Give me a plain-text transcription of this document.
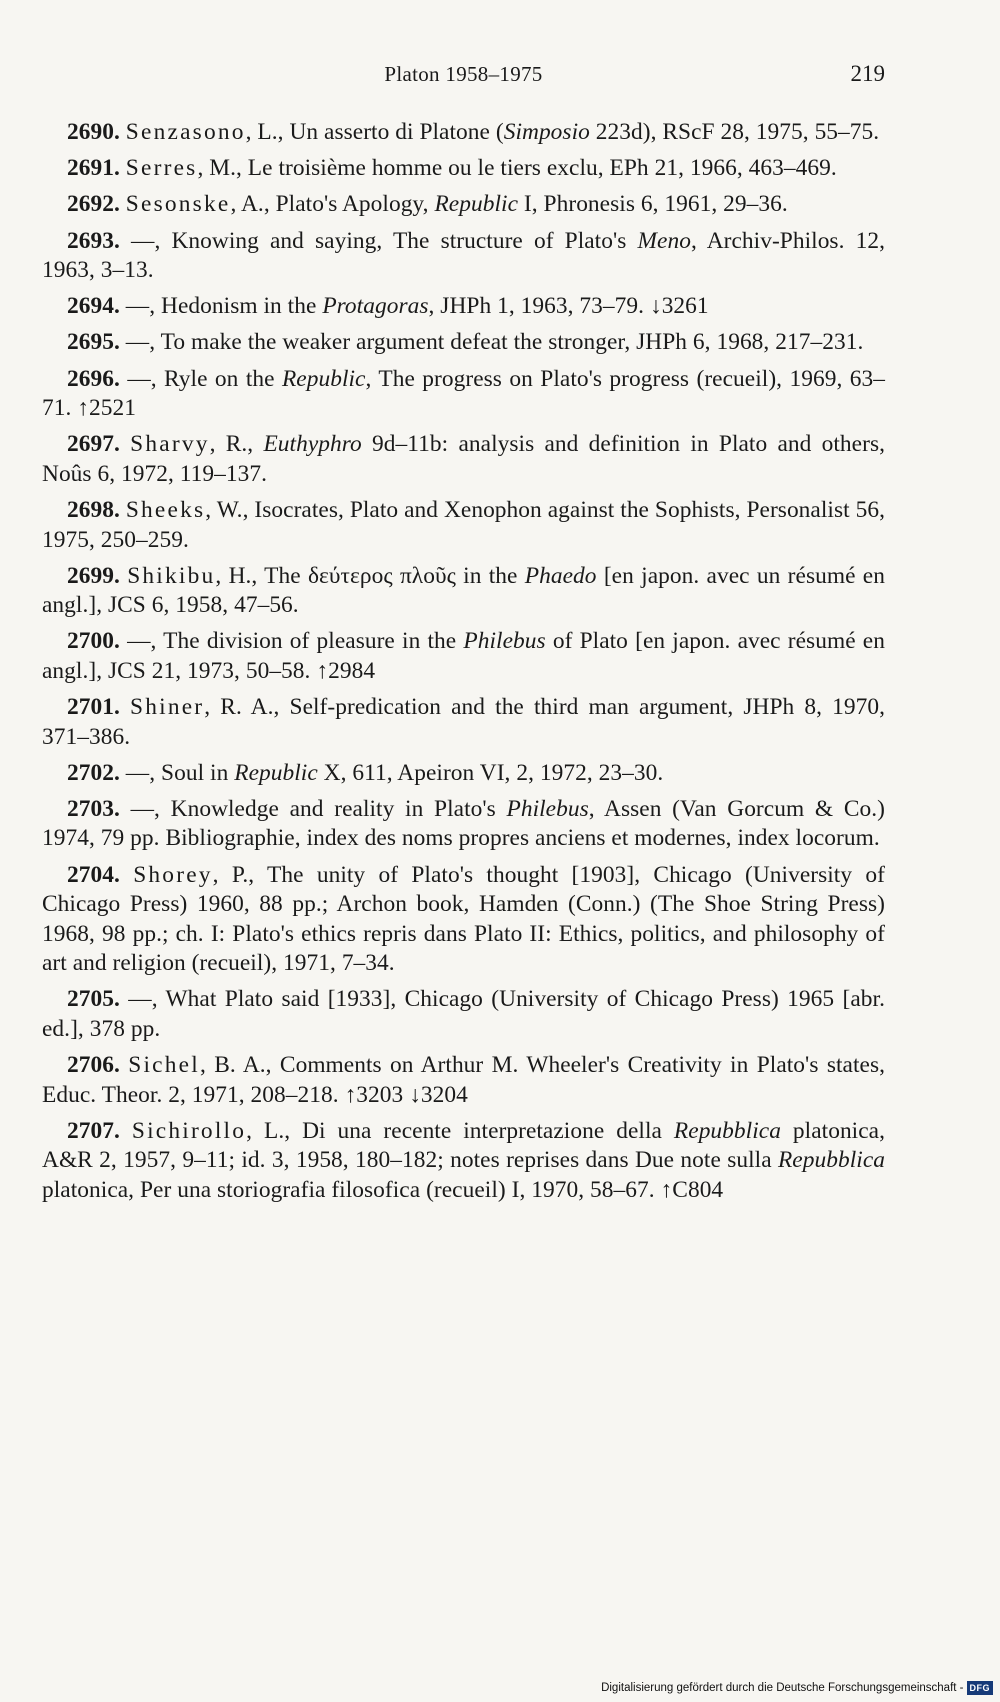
Platon 1958–1975	219

2690. Senzasono, L., Un asserto di Platone (Simposio 223d), RScF 28, 1975, 55–75.

2691. Serres, M., Le troisième homme ou le tiers exclu, EPh 21, 1966, 463–469.

2692. Sesonske, A., Plato's Apology, Republic I, Phronesis 6, 1961, 29–36.

2693. —, Knowing and saying, The structure of Plato's Meno, Archiv-Philos. 12, 1963, 3–13.

2694. —, Hedonism in the Protagoras, JHPh 1, 1963, 73–79. ↓3261

2695. —, To make the weaker argument defeat the stronger, JHPh 6, 1968, 217–231.

2696. —, Ryle on the Republic, The progress on Plato's progress (recueil), 1969, 63–71. ↑2521

2697. Sharvy, R., Euthyphro 9d–11b: analysis and definition in Plato and others, Noûs 6, 1972, 119–137.

2698. Sheeks, W., Isocrates, Plato and Xenophon against the Sophists, Personalist 56, 1975, 250–259.

2699. Shikibu, H., The δεύτερος πλοῦς in the Phaedo [en japon. avec un résumé en angl.], JCS 6, 1958, 47–56.

2700. —, The division of pleasure in the Philebus of Plato [en japon. avec résumé en angl.], JCS 21, 1973, 50–58. ↑2984

2701. Shiner, R. A., Self-predication and the third man argument, JHPh 8, 1970, 371–386.

2702. —, Soul in Republic X, 611, Apeiron VI, 2, 1972, 23–30.

2703. —, Knowledge and reality in Plato's Philebus, Assen (Van Gorcum & Co.) 1974, 79 pp. Bibliographie, index des noms propres anciens et modernes, index locorum.

2704. Shorey, P., The unity of Plato's thought [1903], Chicago (University of Chicago Press) 1960, 88 pp.; Archon book, Hamden (Conn.) (The Shoe String Press) 1968, 98 pp.; ch. I: Plato's ethics repris dans Plato II: Ethics, politics, and philosophy of art and religion (recueil), 1971, 7–34.

2705. —, What Plato said [1933], Chicago (University of Chicago Press) 1965 [abr. ed.], 378 pp.

2706. Sichel, B. A., Comments on Arthur M. Wheeler's Creativity in Plato's states, Educ. Theor. 2, 1971, 208–218. ↑3203 ↓3204

2707. Sichirollo, L., Di una recente interpretazione della Repubblica platonica, A&R 2, 1957, 9–11; id. 3, 1958, 180–182; notes reprises dans Due note sulla Repubblica platonica, Per una storiografia filosofica (recueil) I, 1970, 58–67. ↑C804

Digitalisierung gefördert durch die Deutsche Forschungsgemeinschaft - DFG
